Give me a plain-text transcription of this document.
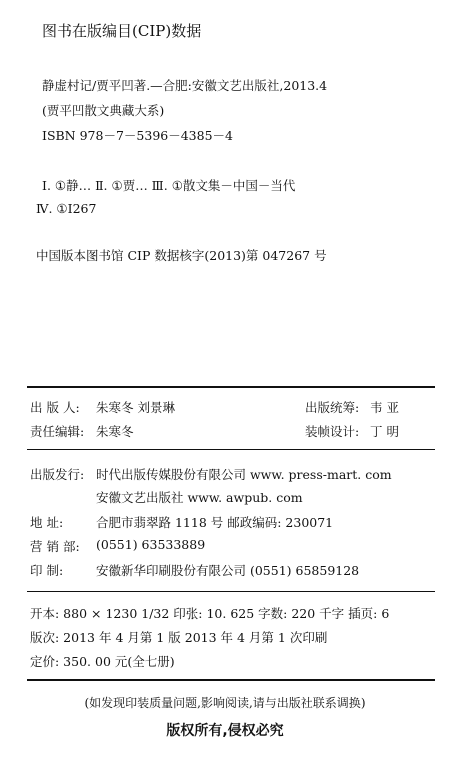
图书在版编目(CIP)数据
静虚村记/贾平凹著.—合肥:安徽文艺出版社,2013.4
(贾平凹散文典藏大系)
ISBN 978－7－5396－4385－4
Ⅰ. ①静… Ⅱ. ①贾… Ⅲ. ①散文集－中国－当代
Ⅳ. ①I267
中国版本图书馆 CIP 数据核字(2013)第 047267 号
出 版 人: 朱寒冬 刘景琳	出版统筹: 韦 亚
责任编辑: 朱寒冬	装帧设计: 丁 明
出版发行: 时代出版传媒股份有限公司 www. press-mart. com
安徽文艺出版社 www. awpub. com
地 址:	合肥市翡翠路 1118 号 邮政编码: 230071
营 销 部: (0551) 63533889
印 制:	安徽新华印刷股份有限公司 (0551) 65859128
开本: 880 × 1230 1/32 印张: 10. 625 字数: 220 千字 插页: 6
版次: 2013 年 4 月第 1 版 2013 年 4 月第 1 次印刷
定价: 350. 00 元(全七册)
(如发现印装质量问题,影响阅读,请与出版社联系调换)
版权所有,侵权必究
